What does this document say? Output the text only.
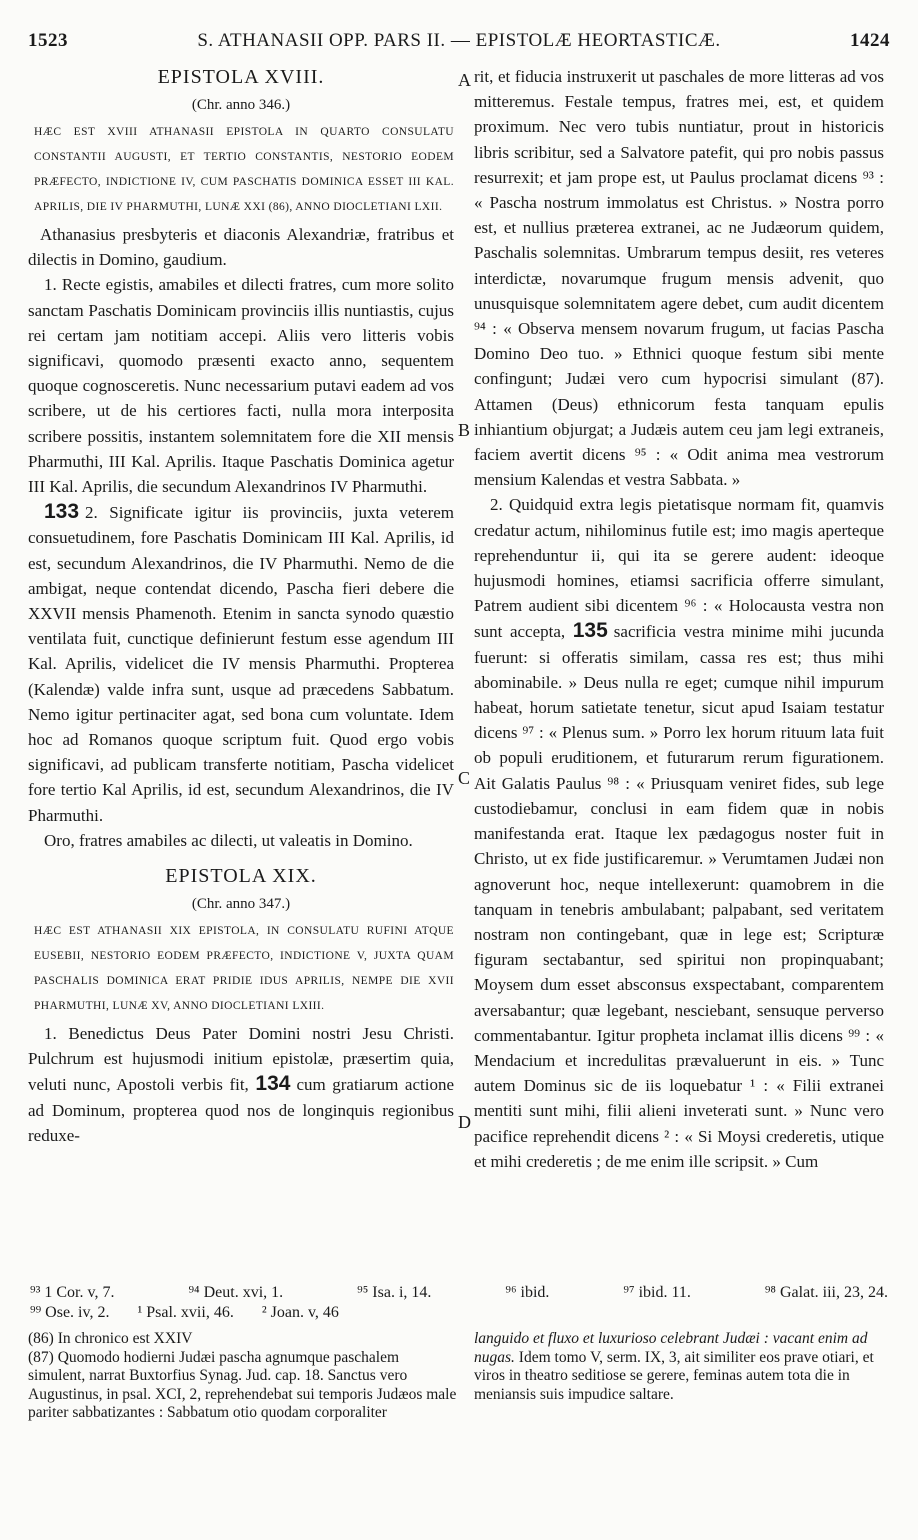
1523	S. ATHANASII OPP. PARS II. — EPISTOLÆ HEORTASTICÆ.	1424
EPISTOLA XVIII.
(Chr. anno 346.)
HÆC EST XVIII ATHANASII EPISTOLA IN QUARTO CONSULATU CONSTANTII AUGUSTI, ET TERTIO CONSTANTIS, NESTORIO EODEM PRÆFECTO, INDICTIONE IV, CUM PASCHATIS DOMINICA ESSET III KAL. APRILIS, DIE IV PHARMUTHI, LUNÆ XXI (86), ANNO DIOCLETIANI LXII.

Athanasius presbyteris et diaconis Alexandriæ, fratribus et dilectis in Domino, gaudium.

1. Recte egistis, amabiles et dilecti fratres, cum more solito sanctam Paschatis Dominicam provinciis illis nuntiastis, cujus rei certam jam notitiam accepi. Aliis vero litteris vobis significavi, quomodo præsenti exacto anno, sequentem quoque cognosceretis. Nunc necessarium putavi eadem ad vos scribere, ut de his certiores facti, nulla mora interposita scribere possitis, instantem solemnitatem fore die XII mensis Pharmuthi, III Kal. Aprilis. Itaque Paschatis Dominica agetur III Kal. Aprilis, die secundum Alexandrinos IV Pharmuthi.

133 2. Significate igitur iis provinciis, juxta veterem consuetudinem, fore Paschatis Dominicam III Kal. Aprilis, id est, secundum Alexandrinos, die IV Pharmuthi. Nemo de die ambigat, neque contendat dicendo, Pascha fieri debere die XXVII mensis Phamenoth. Etenim in sancta synodo quæstio ventilata fuit, cunctique definierunt festum esse agendum III Kal. Aprilis, videlicet die IV mensis Pharmuthi. Propterea (Kalendæ) valde infra sunt, usque ad præcedens Sabbatum. Nemo igitur pertinaciter agat, sed bona cum voluntate. Idem hoc ad Romanos quoque scriptum fuit. Quod ergo vobis significavi, ad publicam transferte notitiam, Pascha videlicet fore tertio Kal Aprilis, id est, secundum Alexandrinos, die IV Pharmuthi.

Oro, fratres amabiles ac dilecti, ut valeatis in Domino.

EPISTOLA XIX.
(Chr. anno 347.)
HÆC EST ATHANASII XIX EPISTOLA, IN CONSULATU RUFINI ATQUE EUSEBII, NESTORIO EODEM PRÆFECTO, INDICTIONE V, JUXTA QUAM PASCHALIS DOMINICA ERAT PRIDIE IDUS APRILIS, NEMPE DIE XVII PHARMUTHI, LUNÆ XV, ANNO DIOCLETIANI LXIII.

1. Benedictus Deus Pater Domini nostri Jesu Christi. Pulchrum est hujusmodi initium epistolæ, præsertim quia, veluti nunc, Apostoli verbis fit, 134 cum gratiarum actione ad Dominum, propterea quod nos de longinquis regionibus reduxe-

A
B
C
D

rit, et fiducia instruxerit ut paschales de more litteras ad vos mitteremus. Festale tempus, fratres mei, est, et quidem proximum. Nec vero tubis nuntiatur, prout in historicis libris scribitur, sed a Salvatore patefit, qui pro nobis passus resurrexit; et jam prope est, ut Paulus proclamat dicens ⁹³ : « Pascha nostrum immolatus est Christus. » Nostra porro est, et nullius præterea extranei, ac ne Judæorum quidem, Paschalis solemnitas. Umbrarum tempus desiit, res veteres interdictæ, novarumque frugum mensis advenit, quo unusquisque solemnitatem agere debet, cum audit dicentem ⁹⁴ : « Observa mensem novarum frugum, ut facias Pascha Domino Deo tuo. » Ethnici quoque festum sibi mente confingunt; Judæi vero cum hypocrisi simulant (87). Attamen (Deus) ethnicorum festa tanquam epulis inhiantium objurgat; a Judæis autem ceu jam legi extraneis, faciem avertit dicens ⁹⁵ : « Odit anima mea vestrorum mensium Kalendas et vestra Sabbata. »

2. Quidquid extra legis pietatisque normam fit, quamvis credatur actum, nihilominus futile est; imo magis aperteque reprehenduntur ii, qui ita se gerere audent: ideoque hujusmodi homines, etiamsi sacrificia offerre simulant, Patrem audient sibi dicentem ⁹⁶ : « Holocausta vestra non sunt accepta, 135 sacrificia vestra minime mihi jucunda fuerunt: si offeratis similam, cassa res est; thus mihi abominabile. » Deus nulla re eget; cumque nihil impurum habeat, horum satietate tenetur, sicut apud Isaiam testatur dicens ⁹⁷ : « Plenus sum. » Porro lex horum rituum lata fuit ob populi eruditionem, et futurarum rerum figurationem. Ait Galatis Paulus ⁹⁸ : « Priusquam veniret fides, sub lege custodiebamur, conclusi in eam fidem quæ in nobis manifestanda erat. Itaque lex pædagogus noster fuit in Christo, ut ex fide justificaremur. » Verumtamen Judæi non agnoverunt hoc, neque intellexerunt: quamobrem in die tanquam in tenebris ambulabant; palpabant, sed veritatem nostram non contingebant, quæ in lege est; Scripturæ figuram sectabantur, sed spiritui non propinquabant; Moysem dum esset absconsus exspectabant, comparentem aversabantur; quæ legebant, nesciebant, sensuque perverso commentabantur. Igitur propheta inclamat illis dicens ⁹⁹ : « Mendacium et incredulitas prævaluerunt in eis. » Tunc autem Dominus sic de iis loquebatur ¹ : « Filii extranei mentiti sunt mihi, filii alieni inveterati sunt. » Nunc vero pacifice reprehendit dicens ² : « Si Moysi crederetis, utique et mihi crederetis ; de me enim ille scripsit. » Cum

⁹³ 1 Cor. v, 7.	⁹⁴ Deut. xvi, 1.	⁹⁵ Isa. i, 14.	⁹⁶ ibid.	⁹⁷ ibid. 11.	⁹⁸ Galat. iii, 23, 24.
⁹⁹ Ose. iv, 2. ¹ Psal. xvii, 46. ² Joan. v, 46

(86) In chronico est XXIV

(87) Quomodo hodierni Judæi pascha agnumque paschalem simulent, narrat Buxtorfius Synag. Jud. cap. 18. Sanctus vero Augustinus, in psal. XCI, 2, reprehendebat sui temporis Judæos male pariter sabbatizantes : Sabbatum otio quodam corporaliter

languido et fluxo et luxurioso celebrant Judæi : vacant enim ad nugas. Idem tomo V, serm. IX, 3, ait similiter eos prave otiari, et viros in theatro seditiose se gerere, feminas autem tota die in meniansis suis impudice saltare.
